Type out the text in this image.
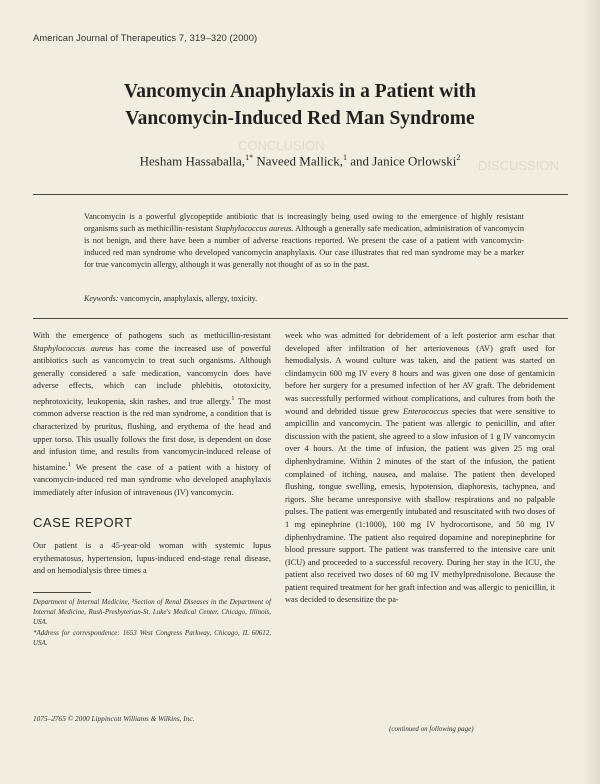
CONCLUSION
DISCUSSION
American Journal of Therapeutics 7, 319–320 (2000)
Vancomycin Anaphylaxis in a Patient with
Vancomycin-Induced Red Man Syndrome
Hesham Hassaballa,$^{1*}$ Naveed Mallick,$^1$ and Janice Orlowski$^2$
Vancomycin is a powerful glycopeptide antibiotic that is increasingly being used owing to the emergence of highly resistant organisms such as methicillin-resistant Staphylococcus aureus. Although a generally safe medication, administration of vancomycin is not benign, and there have been a number of adverse reactions reported. We present the case of a patient with vancomycin-induced red man syndrome who developed vancomycin anaphylaxis. Our case illustrates that red man syndrome may be a marker for true vancomycin allergy, although it was generally not thought of as so in the past.
Keywords: vancomycin, anaphylaxis, allergy, toxicity.

With the emergence of pathogens such as methicillin-resistant Staphylococcus aureus has come the increased use of powerful antibiotics such as vancomycin to treat such organisms. Although generally considered a safe medication, vancomycin does have adverse effects, which can include phlebitis, ototoxicity, nephrotoxicity, leukopenia, skin rashes, and true allergy.$^1$ The most common adverse reaction is the red man syndrome, a condition that is characterized by pruritus, flushing, and erythema of the head and upper torso. This usually follows the first dose, is dependent on dose and infusion time, and results from vancomycin-induced release of histamine.$^1$ We present the case of a patient with a history of vancomycin-induced red man syndrome who developed anaphylaxis immediately after infusion of intravenous (IV) vancomycin.

CASE REPORT

Our patient is a 45-year-old woman with systemic lupus erythematosus, hypertension, lupus-induced end-stage renal disease, and on hemodialysis three times a

Department of Internal Medicine, ²Section of Renal Diseases in the Department of Internal Medicine, Rush-Presbyterian-St. Luke's Medical Center, Chicago, Illinois, USA.

*Address for correspondence: 1653 West Congress Parkway, Chicago, IL 60612, USA.

week who was admitted for debridement of a left posterior arm eschar that developed after infiltration of her arteriovenous (AV) graft used for hemodialysis. A wound culture was taken, and the patient was started on clindamycin 600 mg IV every 8 hours and was given one dose of gentamicin before her surgery for a presumed infection of her AV graft. The debridement was successfully performed without complications, and cultures from both the wound and debrided tissue grew Enterococcus species that were sensitive to ampicillin and vancomycin. The patient was allergic to penicillin, and after discussion with the patient, she agreed to a slow infusion of 1 g IV vancomycin over 4 hours. At the time of infusion, the patient was given 25 mg oral diphenhydramine. Within 2 minutes of the start of the infusion, the patient complained of itching, nausea, and malaise. The patient then developed flushing, tongue swelling, emesis, hypotension, diaphoresis, tachypnea, and rigors. She became unresponsive with shallow respirations and no palpable pulses. The patient was emergently intubated and resuscitated with two doses of 1 mg epinephrine (1:1000), 100 mg IV hydrocortisone, and 50 mg IV diphenhydramine. The patient also required dopamine and norepinephrine for blood pressure support. The patient was transferred to the intensive care unit (ICU) and proceeded to a successful recovery. During her stay in the ICU, the patient also received two doses of 60 mg IV methylprednisolone. Because the patient required treatment for her graft infection and was allergic to penicillin, it was decided to desensitize the pa-

1075–2765 © 2000 Lippincott Williams & Wilkins, Inc.
(continued on following page)
